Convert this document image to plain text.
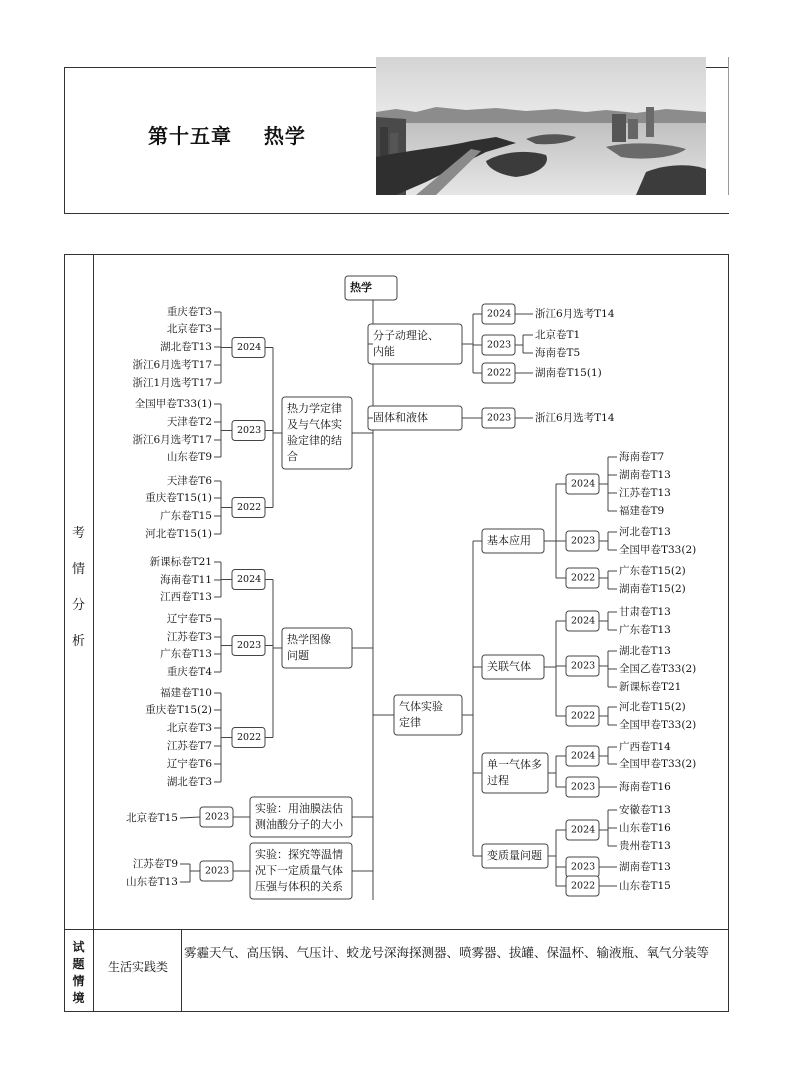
第十五章 热学
考
情
分
析
试
题
情
境
生活实践类
雾霾天气、高压锅、气压计、蛟龙号深海探测器、喷雾器、拔罐、保温杯、输液瓶、氧气分装等
热学
热力学定律
及与气体实
验定律的结
合
重庆卷T3
北京卷T3
湖北卷T13
浙江6月选考T17
浙江1月选考T17
2024
全国甲卷T33(1)
天津卷T2
浙江6月选考T17
山东卷T9
2023
天津卷T6
重庆卷T15(1)
广东卷T15
河北卷T15(1)
2022
热学图像
问题
新课标卷T21
海南卷T11
江西卷T13
2024
辽宁卷T5
江苏卷T3
广东卷T13
重庆卷T4
2023
福建卷T10
重庆卷T15(2)
北京卷T3
江苏卷T7
辽宁卷T6
湖北卷T3
2022
实验：用油膜法估
测油酸分子的大小
2023
北京卷T15
实验：探究等温情
况下一定质量气体
压强与体积的关系
2023
江苏卷T9
山东卷T13
分子动理论、
内能
2024 浙江6月选考T14
2023
北京卷T1
海南卷T5
2022 湖南卷T15(1)
固体和液体	2023 浙江6月选考T14
气体实验
定律
基本应用
2024
海南卷T7
湖南卷T13
江苏卷T13
福建卷T9
2023
河北卷T13
全国甲卷T33(2)
2022
广东卷T15(2)
湖南卷T15(2)
关联气体
2024
甘肃卷T13
广东卷T13
2023
湖北卷T13
全国乙卷T33(2)
新课标卷T21
2022
河北卷T15(2)
全国甲卷T33(2)
单一气体多
过程
2024
广西卷T14
全国甲卷T33(2)
2023 海南卷T16
变质量问题
2024
安徽卷T13
山东卷T16
贵州卷T13
2023 湖南卷T13
2022 山东卷T15
